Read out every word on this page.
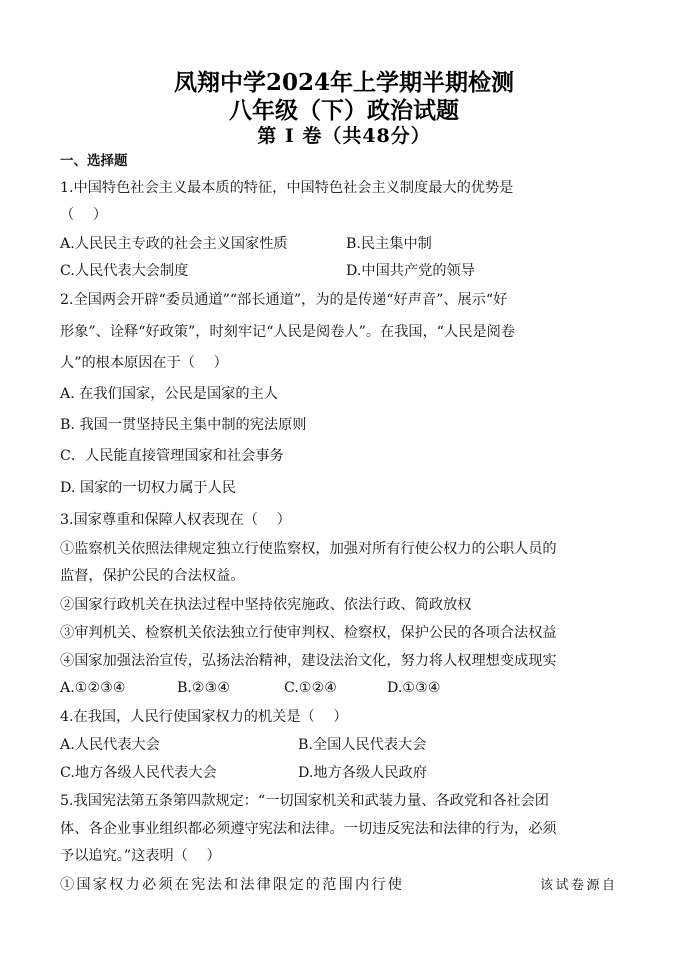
凤翔中学2024年上学期半期检测
八年级（下）政治试题
第 Ⅰ 卷（共48分）
一、选择题
1.中国特色社会主义最本质的特征，中国特色社会主义制度最大的优势是
（　 ）
A.人民民主专政的社会主义国家性质	B.民主集中制
C.人民代表大会制度	D.中国共产党的领导
2.全国两会开辟“委员通道”“部长通道”，为的是传递“好声音”、展示“好
形象”、诠释“好政策”，时刻牢记“人民是阅卷人”。在我国，“人民是阅卷
人”的根本原因在于（　 ）
A. 在我们国家，公民是国家的主人
B. 我国一贯坚持民主集中制的宪法原则
C．人民能直接管理国家和社会事务
D. 国家的一切权力属于人民
3.国家尊重和保障人权表现在（　 ）
①监察机关依照法律规定独立行使监察权，加强对所有行使公权力的公职人员的
监督，保护公民的合法权益。
②国家行政机关在执法过程中坚持依宪施政、依法行政、简政放权
③审判机关、检察机关依法独立行使审判权、检察权，保护公民的各项合法权益
④国家加强法治宣传，弘扬法治精神，建设法治文化，努力将人权理想变成现实
A.①②③④	B.②③④	C.①②④	D.①③④
4.在我国，人民行使国家权力的机关是（　 ）
A.人民代表大会	B.全国人民代表大会
C.地方各级人民代表大会	D.地方各级人民政府
5.我国宪法第五条第四款规定：“一切国家机关和武装力量、各政党和各社会团
体、各企业事业组织都必须遵守宪法和法律。一切违反宪法和法律的行为，必须
予以追究。”这表明（　 ）
①国家权力必须在宪法和法律限定的范围内行使	该试卷源自
